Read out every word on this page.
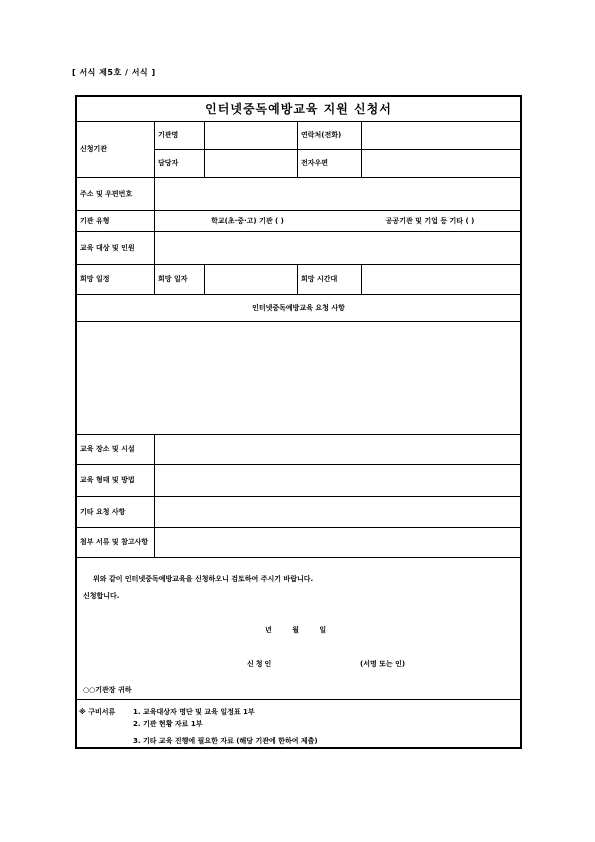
[ 서식 제5호 / 서식 ]
인터넷중독예방교육 지원 신청서
신청기관
기관명	연락처(전화)
담당자	전자우편
주소 및 우편번호
기관 유형	학교(초·중·고) 기관 ( )	공공기관 및 기업 등 기타 ( )
교육 대상 및 인원
희망 일정	희망 일자	희망 시간대
인터넷중독예방교육 요청 사항
교육 장소 및 시설
교육 형태 및 방법
기타 요청 사항
첨부 서류 및 참고사항
위와 같이 인터넷중독예방교육을 신청하오니 검토하여 주시기 바랍니다.
신청합니다.
년 월 일
신청인	(서명 또는 인)
○○기관장 귀하
※ 구비서류	1. 교육대상자 명단 및 교육 일정표 1부
2. 기관 현황 자료 1부
3. 기타 교육 진행에 필요한 자료 (해당 기관에 한하여 제출)
